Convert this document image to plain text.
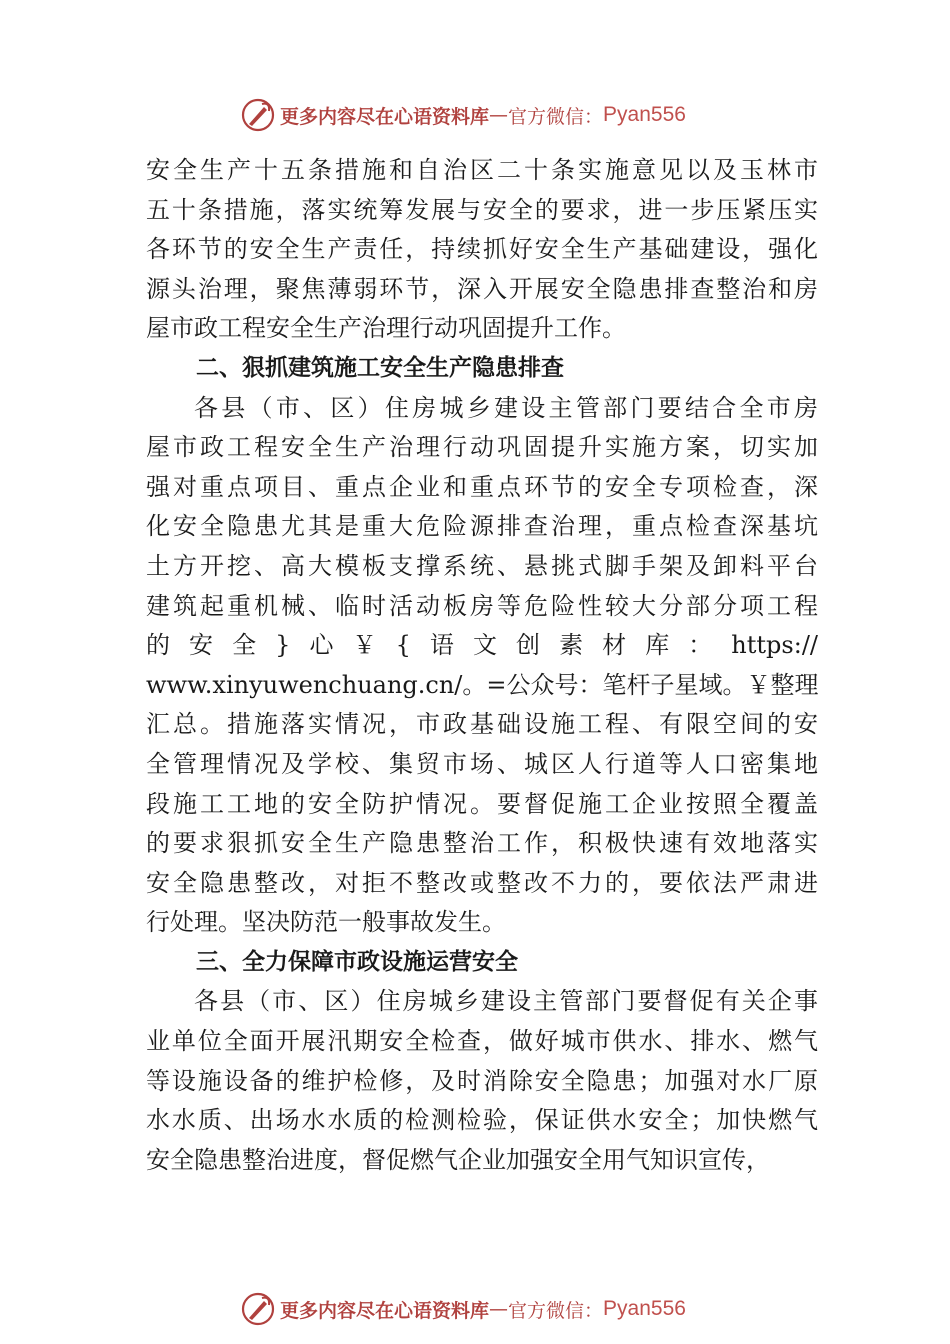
更多内容尽在心语资料库 — 官方微信： Pyan556
安全生产十五条措施和自治区二十条实施意见以及玉林市
五十条措施，落实统筹发展与安全的要求，进一步压紧压实
各环节的安全生产责任，持续抓好安全生产基础建设，强化
源头治理，聚焦薄弱环节，深入开展安全隐患排查整治和房
屋市政工程安全生产治理行动巩固提升工作。
二、狠抓建筑施工安全生产隐患排查
各县（市、区）住房城乡建设主管部门要结合全市房
屋市政工程安全生产治理行动巩固提升实施方案，切实加
强对重点项目、重点企业和重点环节的安全专项检查，深
化安全隐患尤其是重大危险源排查治理，重点检查深基坑
土方开挖、高大模板支撑系统、悬挑式脚手架及卸料平台
建筑起重机械、临时活动板房等危险性较大分部分项工程
的安全}心￥{语文创素材库：https://
www.xinyuwenchuang.cn/。=公众号：笔杆子星域。￥整理
汇总。措施落实情况，市政基础设施工程、有限空间的安
全管理情况及学校、集贸市场、城区人行道等人口密集地
段施工工地的安全防护情况。要督促施工企业按照全覆盖
的要求狠抓安全生产隐患整治工作，积极快速有效地落实
安全隐患整改，对拒不整改或整改不力的，要依法严肃进
行处理。坚决防范一般事故发生。
三、全力保障市政设施运营安全
各县（市、区）住房城乡建设主管部门要督促有关企事
业单位全面开展汛期安全检查，做好城市供水、排水、燃气
等设施设备的维护检修，及时消除安全隐患；加强对水厂原
水水质、出场水水质的检测检验，保证供水安全；加快燃气
安全隐患整治进度，督促燃气企业加强安全用气知识宣传，
更多内容尽在心语资料库 — 官方微信： Pyan556
